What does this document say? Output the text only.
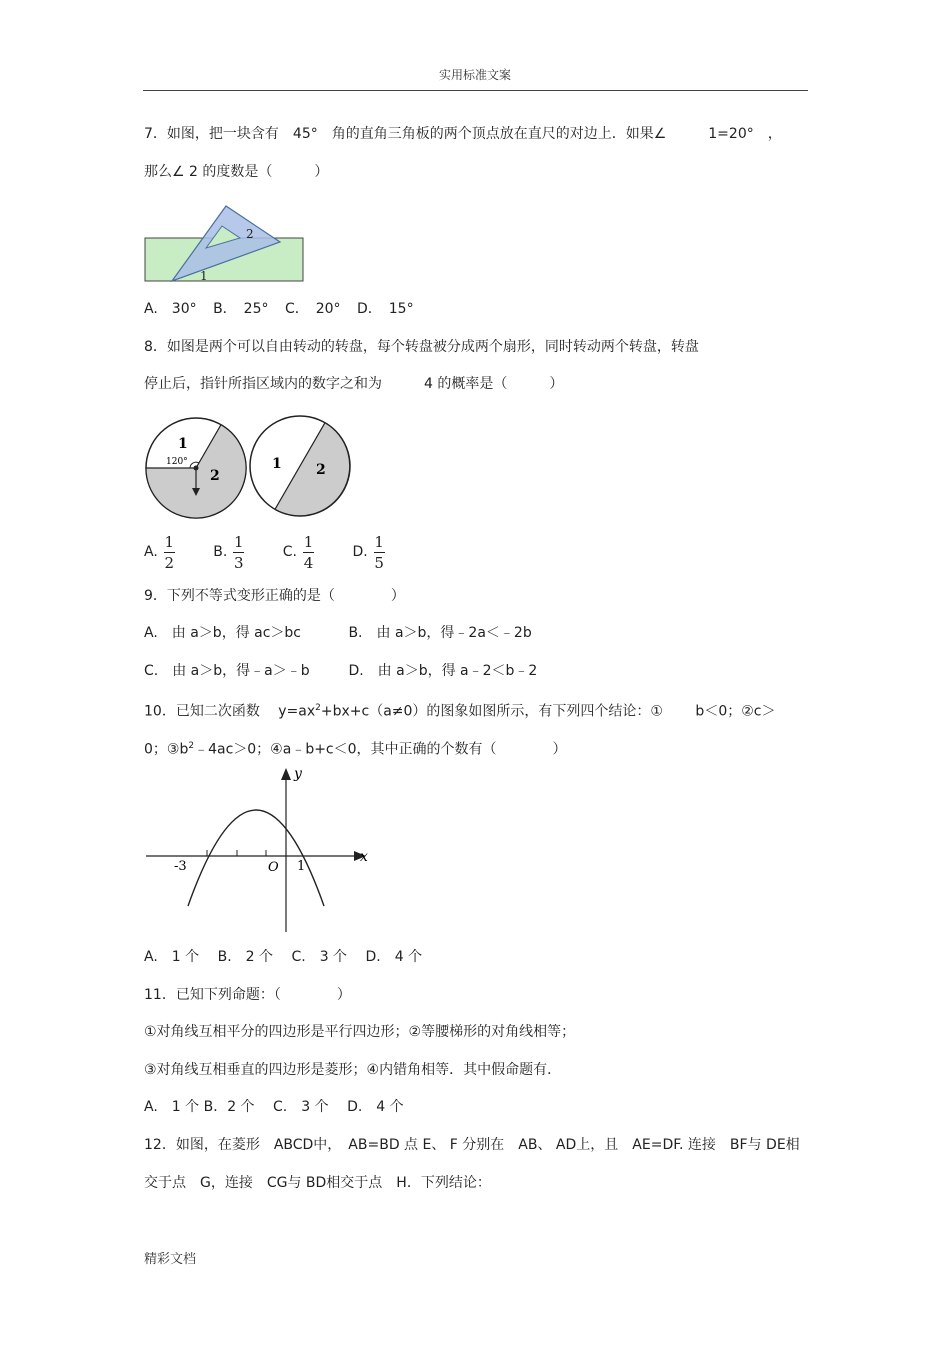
实用标准文案
7．如图，把一块含有　45°　角的直角三角板的两个顶点放在直尺的对边上．如果∠　　　1=20°　，
那么∠ 2 的度数是（　　　）
2
1
A.　30° B．　25° C．　20° D．　15°
8．如图是两个可以自由转动的转盘，每个转盘被分成两个扇形，同时转动两个转盘，转盘
停止后，指针所指区域内的数字之和为　　　4 的概率是（　　　）
1
120°
2
1 2
A. $\frac{1}{2}$	B. $\frac{1}{3}$	C. $\frac{1}{4}$	D. $\frac{1}{5}$
9．下列不等式变形正确的是（　　　　）
A.　由 a＞b，得 ac＞bc	B.　由 a＞b，得﹣2a＜﹣2b
C.　由 a＞b，得﹣a＞﹣b	D.　由 a＞b，得 a﹣2＜b﹣2
10．已知二次函数　 $y=ax^2+bx+c(a\ne 0)$的图象如图所示，有下列四个结论：①　　 b＜0；②c＞
0；$③b^2﹣4ac>0$；④a﹣b+c＜0，其中正确的个数有（　　　　）
y
x
O
-3	1
A.　1 个 B.　2 个 C.　3 个 D.　4 个
11．已知下列命题：（　　　　）
①对角线互相平分的四边形是平行四边形；②等腰梯形的对角线相等；
③对角线互相垂直的四边形是菱形；④内错角相等．其中假命题有．
A.　1 个 B．2 个 C.　3 个 D.　4 个
12．如图，在菱形　ABCD中，　AB=BD 点 E、 F 分别在　AB、 AD上，且　AE=DF. 连接　BF与 DE相
交于点　G，连接　CG与 BD相交于点　H．下列结论：
精彩文档
